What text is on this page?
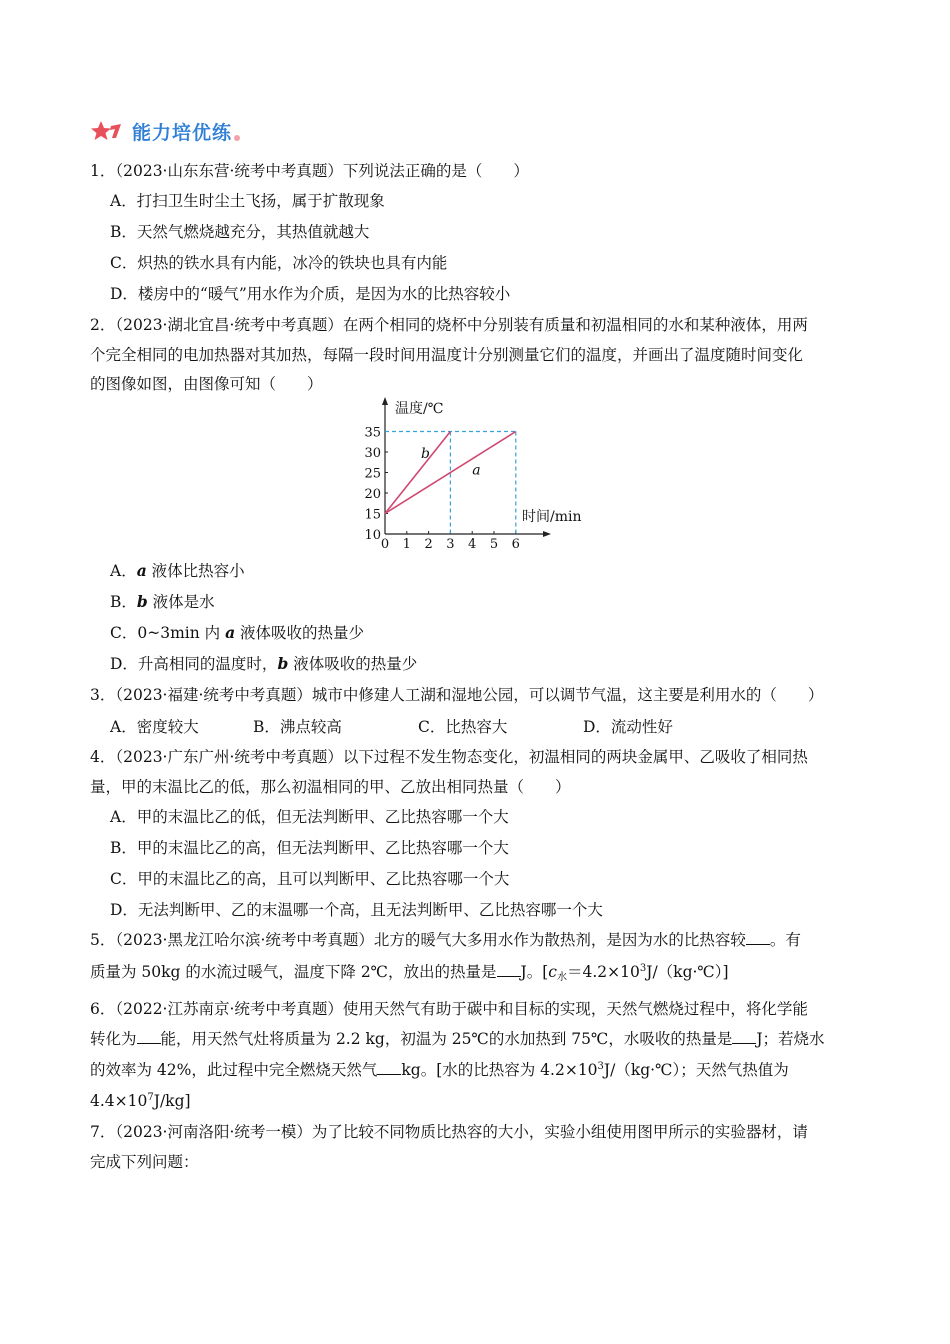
能力培优练
1．（2023·山东东营·统考中考真题）下列说法正确的是（　　）
A．打扫卫生时尘土飞扬，属于扩散现象
B．天然气燃烧越充分，其热值就越大
C．炽热的铁水具有内能，冰冷的铁块也具有内能
D．楼房中的“暖气”用水作为介质，是因为水的比热容较小
2．（2023·湖北宜昌·统考中考真题）在两个相同的烧杯中分别装有质量和初温相同的水和某种液体，用两
个完全相同的电加热器对其加热，每隔一段时间用温度计分别测量它们的温度，并画出了温度随时间变化
的图像如图，由图像可知（　　）
温度/℃
时间/min
0 1 2 3 4 5 6
10
15
20
25
30
35
b
a
A．a 液体比热容小
B．b 液体是水
C．0~3min 内 a 液体吸收的热量少
D．升高相同的温度时，b 液体吸收的热量少
3．（2023·福建·统考中考真题）城市中修建人工湖和湿地公园，可以调节气温，这主要是利用水的（　　）
A．密度较大	B．沸点较高	C．比热容大	D．流动性好
4．（2023·广东广州·统考中考真题）以下过程不发生物态变化，初温相同的两块金属甲、乙吸收了相同热
量，甲的末温比乙的低，那么初温相同的甲、乙放出相同热量（　　）
A．甲的末温比乙的低，但无法判断甲、乙比热容哪一个大
B．甲的末温比乙的高，但无法判断甲、乙比热容哪一个大
C．甲的末温比乙的高，且可以判断甲、乙比热容哪一个大
D．无法判断甲、乙的末温哪一个高，且无法判断甲、乙比热容哪一个大
5．（2023·黑龙江哈尔滨·统考中考真题）北方的暖气大多用水作为散热剂，是因为水的比热容较 。有
质量为 50kg 的水流过暖气，温度下降 2℃，放出的热量是 J。$[c_水=4.2\times 10^3J/(kg\cdot℃)]$
6．（2022·江苏南京·统考中考真题）使用天然气有助于碳中和目标的实现，天然气燃烧过程中，将化学能
转化为 能，用天然气灶将质量为 2.2 kg，初温为 25℃的水加热到 75℃，水吸收的热量是 J；若烧水
的效率为 42%，此过程中完全燃烧天然气 kg。[水的比热容为 $4.2\times 10^3J/(kg\cdot℃)$；天然气热值为
$4.4\times 10^7J/kg$]
7．（2023·河南洛阳·统考一模）为了比较不同物质比热容的大小，实验小组使用图甲所示的实验器材，请
完成下列问题：
